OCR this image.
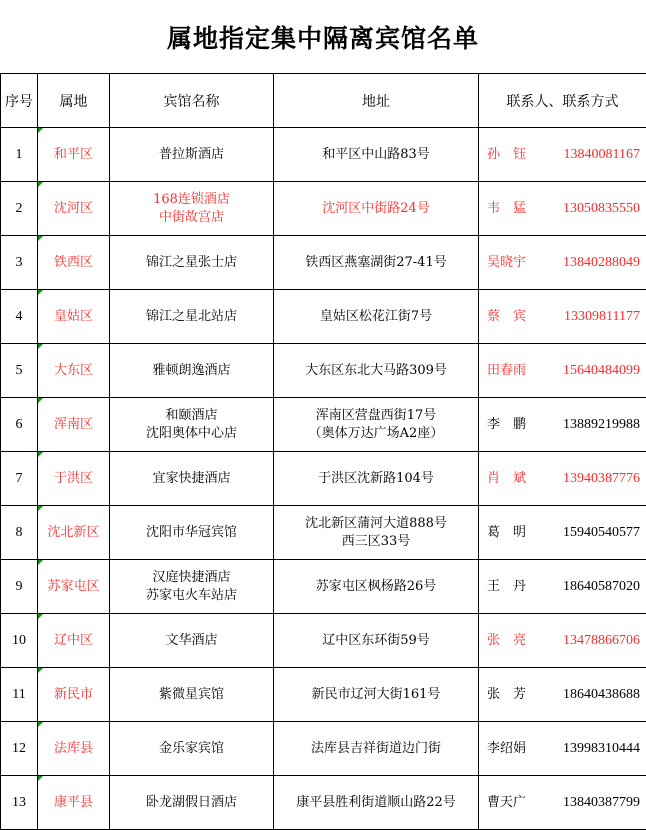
属地指定集中隔离宾馆名单
序号	属地	宾馆名称	地址	联系人、联系方式
1	和平区	普拉斯酒店	和平区中山路83号	孙　钰 13840081167

2	沈河区	168连锁酒店
中街故宫店	沈河区中街路24号	韦　猛 13050835550

3	铁西区	锦江之星张士店	铁西区燕塞湖街27-41号	吴晓宇 13840288049

4	皇姑区	锦江之星北站店	皇姑区松花江街7号	蔡　宾 13309811177

5	大东区	雅顿朗逸酒店	大东区东北大马路309号	田春雨 15640484099

6	浑南区	和颐酒店
沈阳奥体中心店	浑南区营盘西街17号
（奥体万达广场A2座）	李　鹏 13889219988

7	于洪区	宜家快捷酒店	于洪区沈新路104号	肖　斌 13940387776

8	沈北新区	沈阳市华冠宾馆	沈北新区蒲河大道888号
西三区33号	葛　明 15940540577

9	苏家屯区	汉庭快捷酒店
苏家屯火车站店	苏家屯区枫杨路26号	王　丹 18640587020

10	辽中区	文华酒店	辽中区东环街59号	张　亮 13478866706

11	新民市	紫微星宾馆	新民市辽河大街161号	张　芳 18640438688

12	法库县	金乐家宾馆	法库县吉祥街道边门街	李绍娟 13998310444

13	康平县	卧龙湖假日酒店	康平县胜利街道顺山路22号	曹天广 13840387799
